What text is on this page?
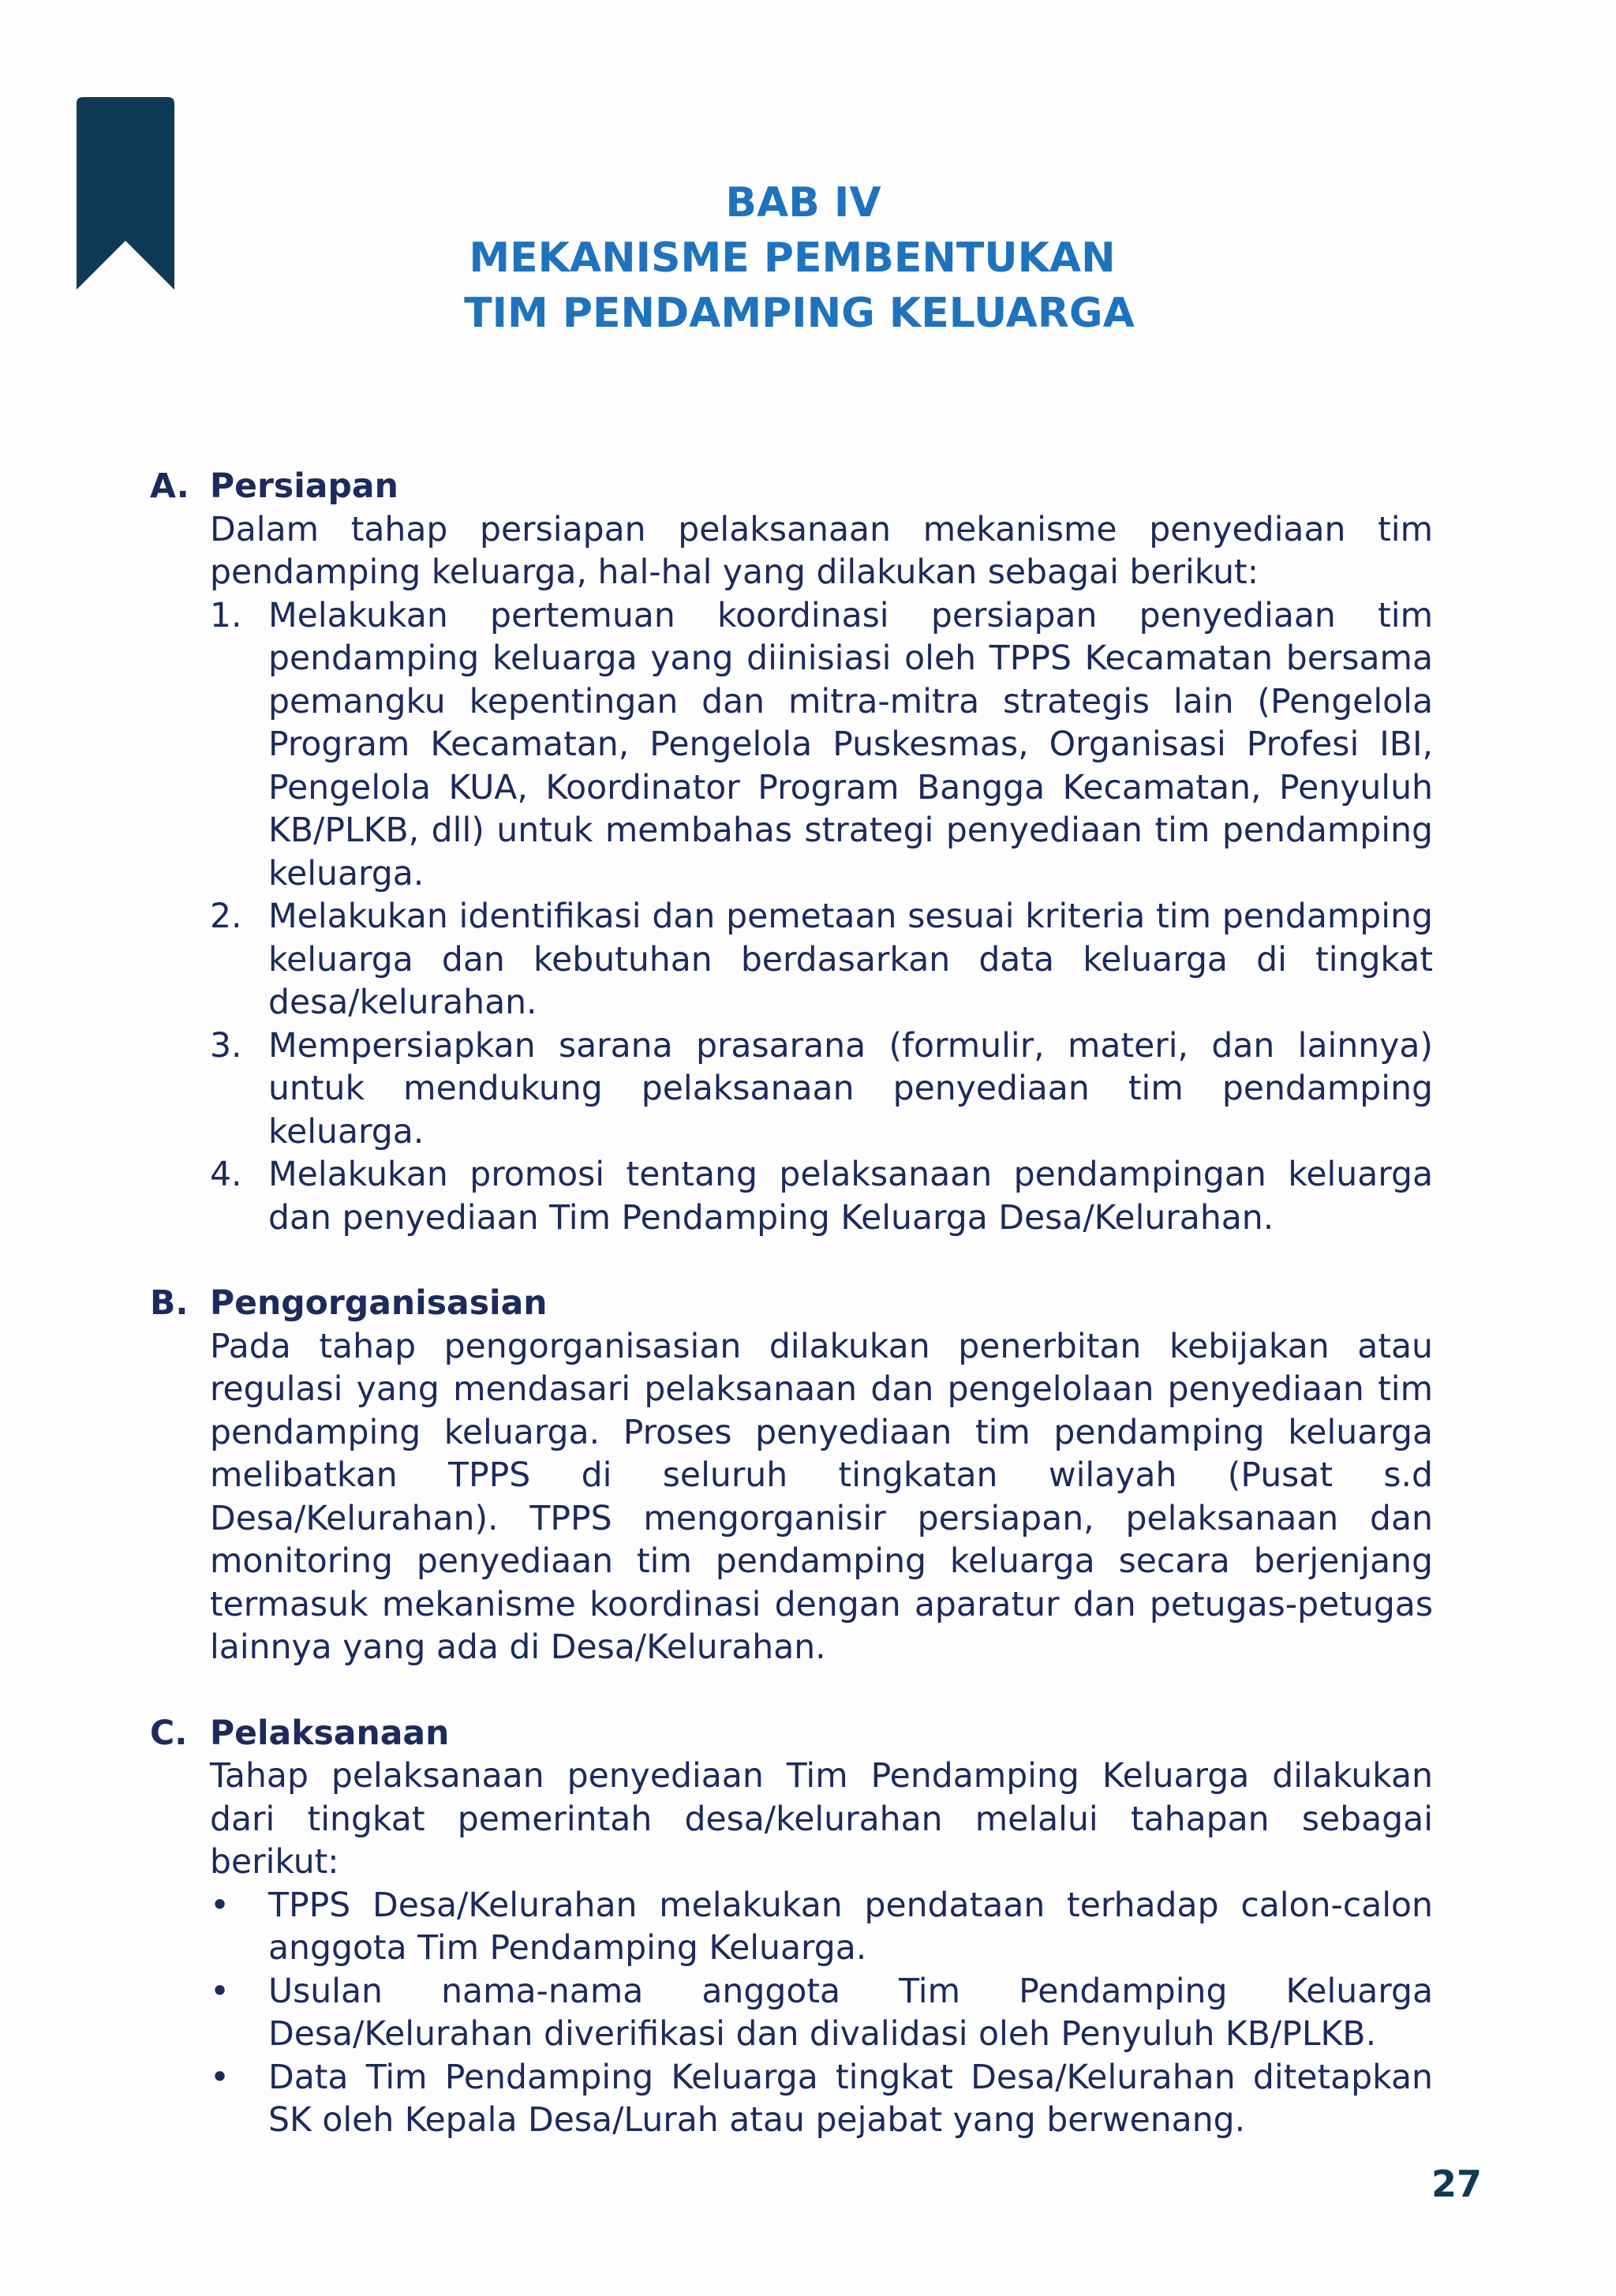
BAB IV
MEKANISME PEMBENTUKAN
TIM PENDAMPING KELUARGA
A. Persiapan
Dalam tahap persiapan pelaksanaan mekanisme penyediaan tim pendamping keluarga, hal-hal yang dilakukan sebagai berikut:
1. Melakukan pertemuan koordinasi persiapan penyediaan tim pendamping keluarga yang diinisiasi oleh TPPS Kecamatan bersama pemangku kepentingan dan mitra-mitra strategis lain (Pengelola Program Kecamatan, Pengelola Puskesmas, Organisasi Profesi IBI, Pengelola KUA, Koordinator Program Bangga Kecamatan, Penyuluh KB/PLKB, dll) untuk membahas strategi penyediaan tim pendamping keluarga.
2. Melakukan identifikasi dan pemetaan sesuai kriteria tim pendamping keluarga dan kebutuhan berdasarkan data keluarga di tingkat desa/kelurahan.
3. Mempersiapkan sarana prasarana (formulir, materi, dan lainnya) untuk mendukung pelaksanaan penyediaan tim pendamping keluarga.
4. Melakukan promosi tentang pelaksanaan pendampingan keluarga dan penyediaan Tim Pendamping Keluarga Desa/Kelurahan.
B. Pengorganisasian
Pada tahap pengorganisasian dilakukan penerbitan kebijakan atau regulasi yang mendasari pelaksanaan dan pengelolaan penyediaan tim pendamping keluarga. Proses penyediaan tim pendamping keluarga melibatkan TPPS di seluruh tingkatan wilayah (Pusat s.d Desa/Kelurahan). TPPS mengorganisir persiapan, pelaksanaan dan monitoring penyediaan tim pendamping keluarga secara berjenjang termasuk mekanisme koordinasi dengan aparatur dan petugas-petugas lainnya yang ada di Desa/Kelurahan.
C. Pelaksanaan
Tahap pelaksanaan penyediaan Tim Pendamping Keluarga dilakukan dari tingkat pemerintah desa/kelurahan melalui tahapan sebagai berikut:
• TPPS Desa/Kelurahan melakukan pendataan terhadap calon-calon anggota Tim Pendamping Keluarga.
• Usulan nama-nama anggota Tim Pendamping Keluarga Desa/Kelurahan diverifikasi dan divalidasi oleh Penyuluh KB/PLKB.
• Data Tim Pendamping Keluarga tingkat Desa/Kelurahan ditetapkan SK oleh Kepala Desa/Lurah atau pejabat yang berwenang.
27
